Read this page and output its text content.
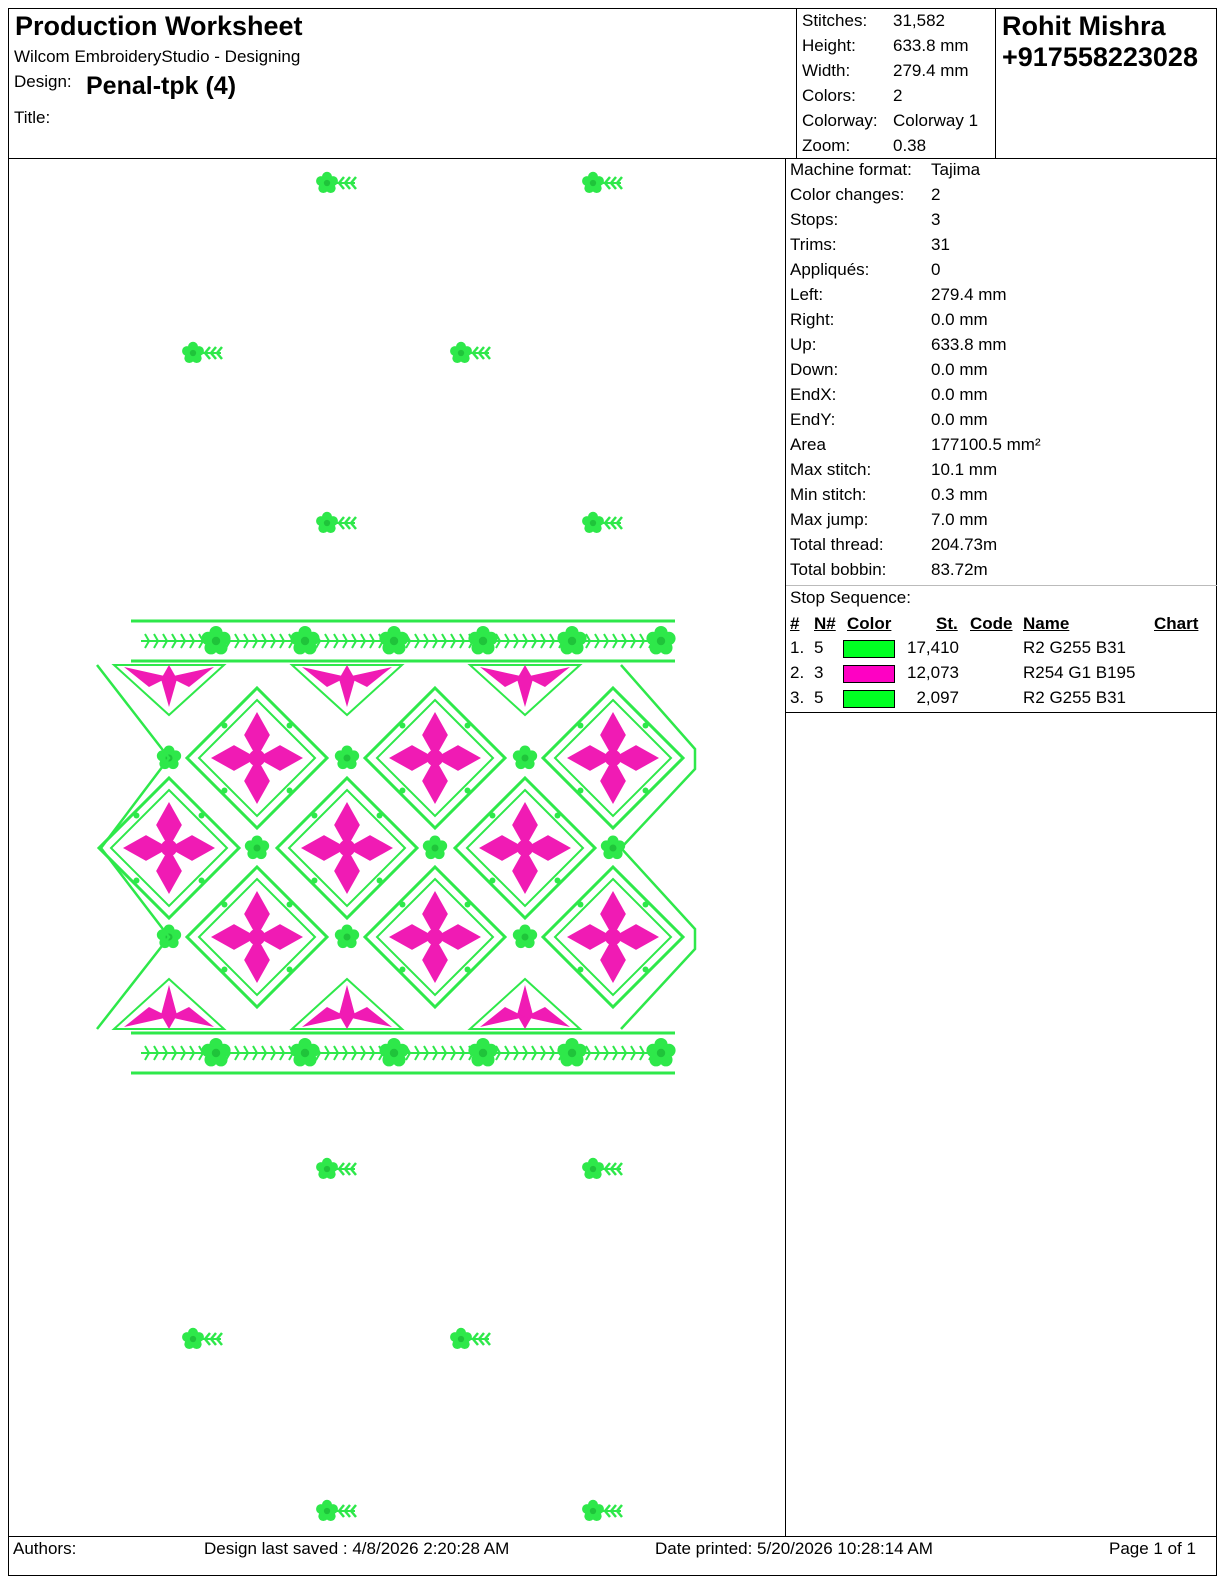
Production Worksheet
Wilcom EmbroideryStudio - Designing
Design: Penal-tpk (4)
Title:
Stitches: 31,582
Height: 633.8 mm
Width:	279.4 mm
Colors: 2
Colorway: Colorway 1
Zoom:	0.38
Rohit Mishra
+917558223028
Machine format: Tajima
Color changes: 2
Stops:	3
Trims:	31
Appliqués:	0
Left:	279.4 mm
Right:	0.0 mm
Up:	633.8 mm
Down:	0.0 mm
EndX:	0.0 mm
EndY:	0.0 mm
Area	177100.5 mm²
Max stitch:	10.1 mm
Min stitch:	0.3 mm
Max jump:	7.0 mm
Total thread:	204.73m
Total bobbin:	83.72m
Stop Sequence:
# N# Color	St. Code Name	Chart
1. 5	17,410	R2 G255 B31
2. 3	12,073	R254 G1 B195
3. 5	2,097	R2 G255 B31
Authors:	Design last saved : 4/8/2026 2:20:28 AM	Date printed: 5/20/2026 10:28:14 AM	Page 1 of 1
